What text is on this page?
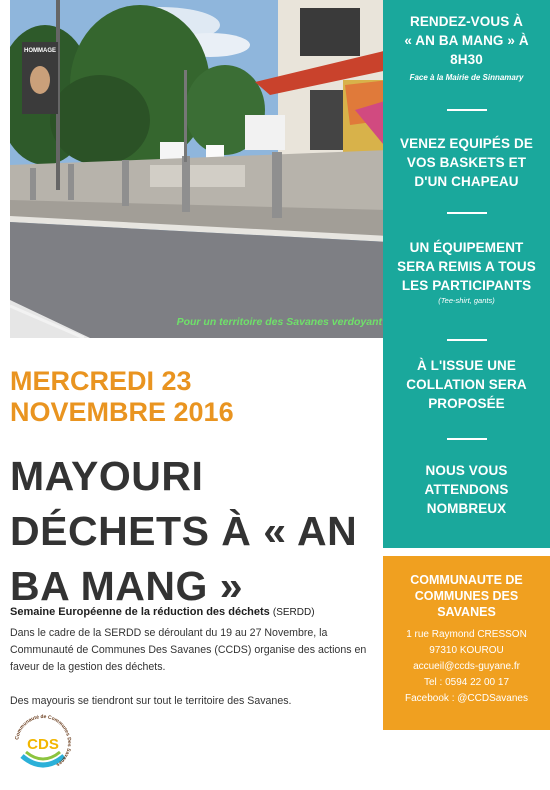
HOMMAGE
Pour un territoire des Savanes verdoyant
RENDEZ-VOUS À
« AN BA MANG » À
8H30
Face à la Mairie de Sinnamary
VENEZ EQUIPÉS DE
VOS BASKETS ET
D'UN CHAPEAU
UN ÉQUIPEMENT
SERA REMIS A TOUS
LES PARTICIPANTS
(Tee-shirt, gants)
À L'ISSUE UNE
COLLATION SERA
PROPOSÉE
NOUS VOUS
ATTENDONS
NOMBREUX
COMMUNAUTE DE
COMMUNES DES
SAVANES
1 rue Raymond CRESSON
97310 KOUROU
accueil@ccds-guyane.fr
Tel : 0594 22 00 17
Facebook : @CCDSavanes
MERCREDI 23
NOVEMBRE 2016
MAYOURI
DÉCHETS À « AN
BA MANG »
Semaine Européenne de la réduction des déchets (SERDD)
Dans le cadre de la SERDD se déroulant du 19 au 27 Novembre, la Communauté de Communes Des Savanes (CCDS) organise des actions en faveur de la gestion des déchets.
Des mayouris se tiendront sur tout le territoire des Savanes.
CDS
Communauté de Communes Des Savanes
